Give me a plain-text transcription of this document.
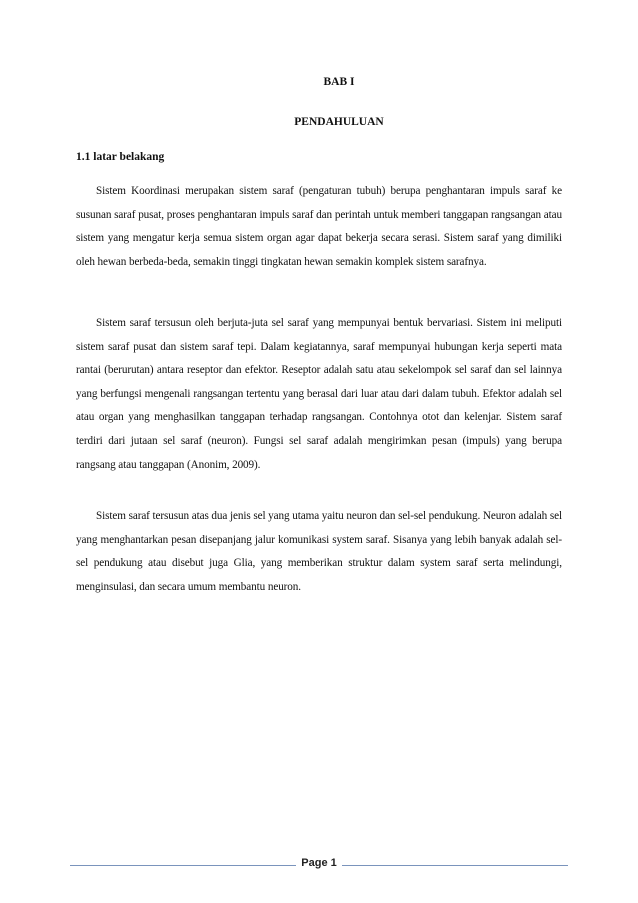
BAB I
PENDAHULUAN
1.1 latar belakang

Sistem Koordinasi merupakan sistem saraf (pengaturan tubuh) berupa penghantaran impuls saraf ke susunan saraf pusat, proses penghantaran impuls saraf dan perintah untuk memberi tanggapan rangsangan atau sistem yang mengatur kerja semua sistem organ agar dapat bekerja secara serasi. Sistem saraf yang dimiliki oleh hewan berbeda-beda, semakin tinggi tingkatan hewan semakin komplek sistem sarafnya.

Sistem saraf tersusun oleh berjuta-juta sel saraf yang mempunyai bentuk bervariasi. Sistem ini meliputi sistem saraf pusat dan sistem saraf tepi. Dalam kegiatannya, saraf mempunyai hubungan kerja seperti mata rantai (berurutan) antara reseptor dan efektor. Reseptor adalah satu atau sekelompok sel saraf dan sel lainnya yang berfungsi mengenali rangsangan tertentu yang berasal dari luar atau dari dalam tubuh. Efektor adalah sel atau organ yang menghasilkan tanggapan terhadap rangsangan. Contohnya otot dan kelenjar. Sistem saraf terdiri dari jutaan sel saraf (neuron). Fungsi sel saraf adalah mengirimkan pesan (impuls) yang berupa rangsang atau tanggapan (Anonim, 2009).

Sistem saraf tersusun atas dua jenis sel yang utama yaitu neuron dan sel-sel pendukung. Neuron adalah sel yang menghantarkan pesan disepanjang jalur komunikasi system saraf. Sisanya yang lebih banyak adalah sel-sel pendukung atau disebut juga Glia, yang memberikan struktur dalam system saraf serta melindungi, menginsulasi, dan secara umum membantu neuron.

Page 1
